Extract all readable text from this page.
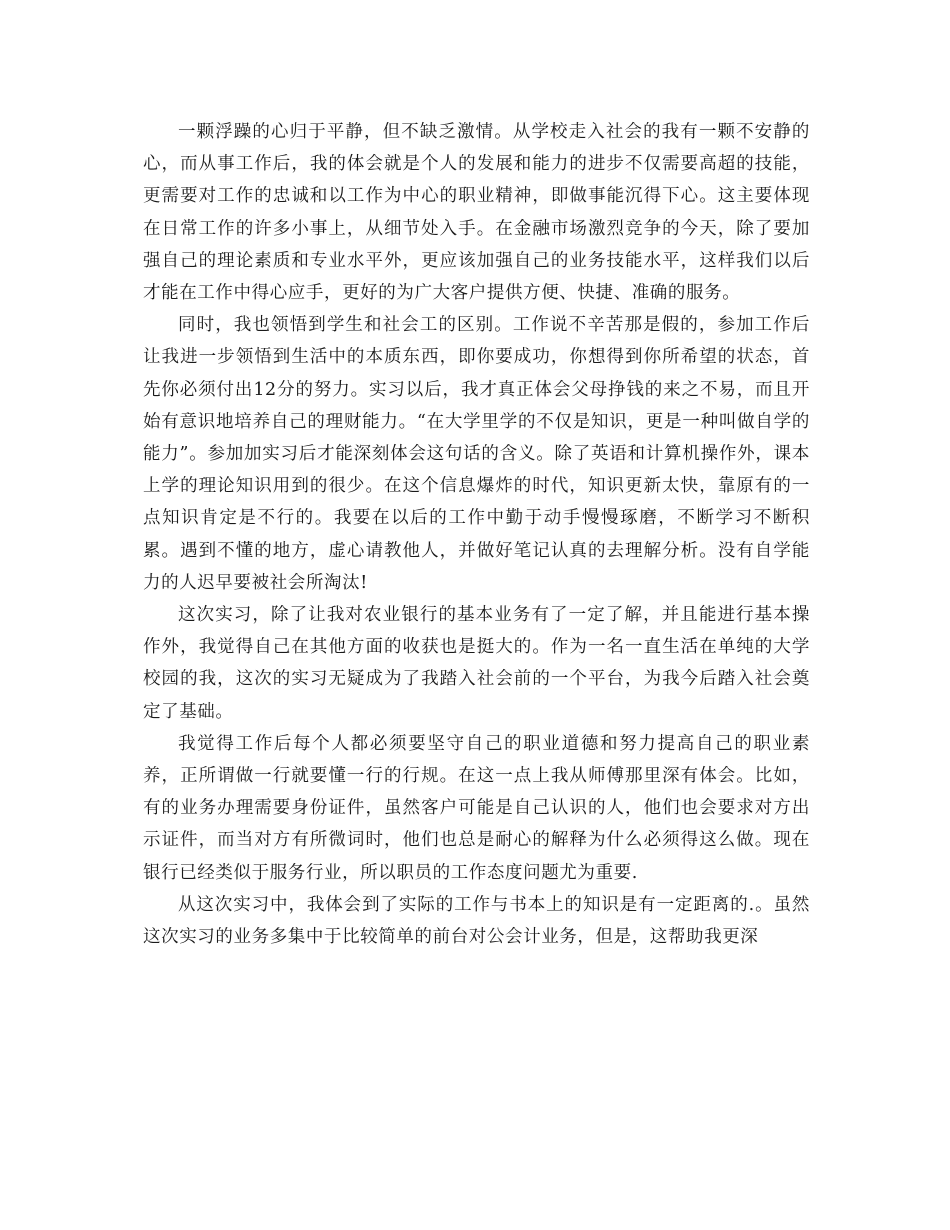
一颗浮躁的心归于平静，但不缺乏激情。从学校走入社会的我有一颗不安静的心，而从事工作后，我的体会就是个人的发展和能力的进步不仅需要高超的技能，更需要对工作的忠诚和以工作为中心的职业精神，即做事能沉得下心。这主要体现在日常工作的许多小事上，从细节处入手。在金融市场激烈竞争的今天，除了要加强自己的理论素质和专业水平外，更应该加强自己的业务技能水平，这样我们以后才能在工作中得心应手，更好的为广大客户提供方便、快捷、准确的服务。

同时，我也领悟到学生和社会工的区别。工作说不辛苦那是假的，参加工作后让我进一步领悟到生活中的本质东西，即你要成功，你想得到你所希望的状态，首先你必须付出12分的努力。实习以后，我才真正体会父母挣钱的来之不易，而且开始有意识地培养自己的理财能力。“在大学里学的不仅是知识，更是一种叫做自学的能力”。参加加实习后才能深刻体会这句话的含义。除了英语和计算机操作外，课本上学的理论知识用到的很少。在这个信息爆炸的时代，知识更新太快，靠原有的一点知识肯定是不行的。我要在以后的工作中勤于动手慢慢琢磨，不断学习不断积累。遇到不懂的地方，虚心请教他人，并做好笔记认真的去理解分析。没有自学能力的人迟早要被社会所淘汰!

这次实习，除了让我对农业银行的基本业务有了一定了解，并且能进行基本操作外，我觉得自己在其他方面的收获也是挺大的。作为一名一直生活在单纯的大学校园的我，这次的实习无疑成为了我踏入社会前的一个平台，为我今后踏入社会奠定了基础。

我觉得工作后每个人都必须要坚守自己的职业道德和努力提高自己的职业素养，正所谓做一行就要懂一行的行规。在这一点上我从师傅那里深有体会。比如，有的业务办理需要身份证件，虽然客户可能是自己认识的人，他们也会要求对方出示证件，而当对方有所微词时，他们也总是耐心的解释为什么必须得这么做。现在银行已经类似于服务行业，所以职员的工作态度问题尤为重要.

从这次实习中，我体会到了实际的工作与书本上的知识是有一定距离的.。虽然这次实习的业务多集中于比较简单的前台对公会计业务，但是，这帮助我更深
